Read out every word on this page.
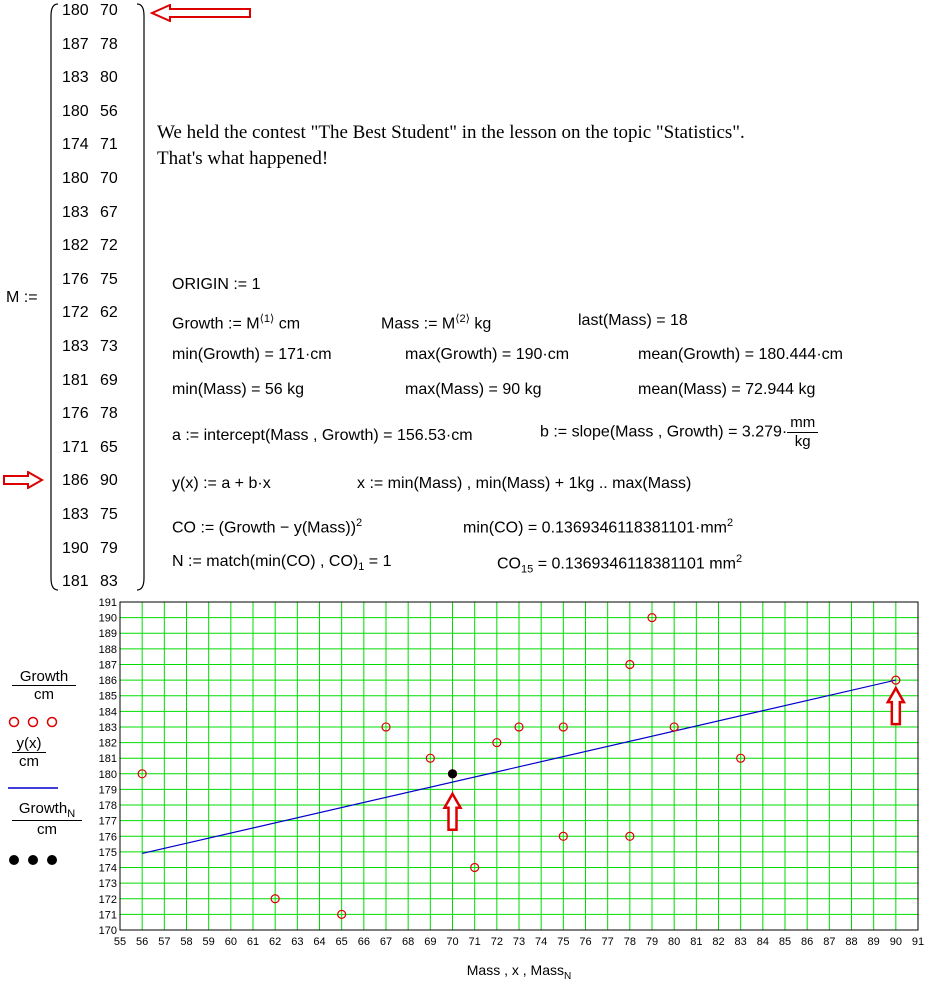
M :=
180 70
187 78
183 80
180 56
174 71
180 70
183 67
182 72
176 75
172 62
183 73
181 69
176 78
171 65
186 90
183 75
190 79
181 83
We held the contest "The Best Student" in the lesson on the topic "Statistics".
That's what happened!
ORIGIN := 1
Growth := $M^{⟨1⟩}$ cm	Mass := $M^{⟨2⟩}$ kg	last(Mass) = 18
min(Growth) = 171·cm	max(Growth) = 190·cm	mean(Growth) = 180.444·cm
min(Mass) = 56 kg	max(Mass) = 90 kg	mean(Mass) = 72.944 kg
a := intercept(Mass , Growth) = 156.53·cm	b := slope(Mass , Growth) = $3.279\cdot \frac{mm}{kg}$
y(x) := a + b·x	x := min(Mass) , min(Mass) + 1kg .. max(Mass)
CO := (Growth − y(Mass))$^2$	$\min(CO) = 0.136934611838110​1\cdot mm^2$
N := match(min(CO) , $CO)_1 = 1$	$CO_{15} = 0.1369346118381101$ $mm^2$
Growth
cm
$\frac{y(x)}{cm}$
Growth$_N$
cm
55 56 57 58 59 60 61 62 63 64 65 66 67 68 69 70 71 72 73 74 75 76 77 78 79 80 81 82 83 84 85 86 87 88 89 90 91
170
171
172
173
174
175
176
177
178
179
180
181
182
183
184
185
186
187
188
189
190
191
Mass , x , Mass$_N$
